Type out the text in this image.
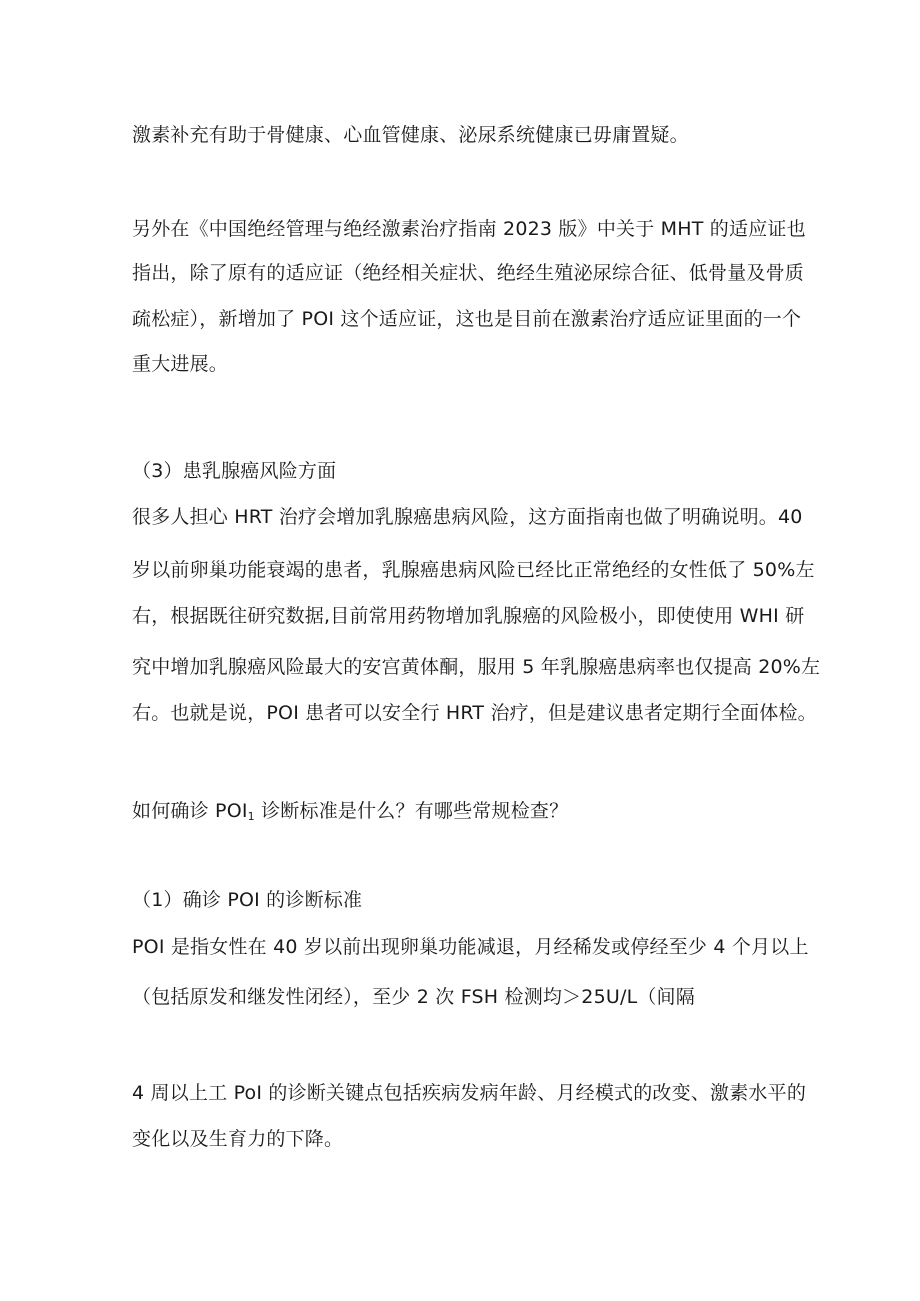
激素补充有助于骨健康、心血管健康、泌尿系统健康已毋庸置疑。
另外在《中国绝经管理与绝经激素治疗指南 2023 版》中关于 MHT 的适应证也
指出，除了原有的适应证（绝经相关症状、绝经生殖泌尿综合征、低骨量及骨质
疏松症），新增加了 POI 这个适应证，这也是目前在激素治疗适应证里面的一个
重大进展。
（3）患乳腺癌风险方面
很多人担心 HRT 治疗会增加乳腺癌患病风险，这方面指南也做了明确说明。40
岁以前卵巢功能衰竭的患者，乳腺癌患病风险已经比正常绝经的女性低了 50%左
右，根据既往研究数据,目前常用药物增加乳腺癌的风险极小，即使使用 WHI 研
究中增加乳腺癌风险最大的安宫黄体酮，服用 5 年乳腺癌患病率也仅提高 20%左
右。也就是说，POI 患者可以安全行 HRT 治疗，但是建议患者定期行全面体检。
如何确诊 $POI_1$ 诊断标准是什么？有哪些常规检查？
（1）确诊 POI 的诊断标准
POI 是指女性在 40 岁以前出现卵巢功能减退，月经稀发或停经至少 4 个月以上
（包括原发和继发性闭经），至少 2 次 FSH 检测均＞25U/L（间隔
4 周以上工 PoI 的诊断关键点包括疾病发病年龄、月经模式的改变、激素水平的
变化以及生育力的下降。
